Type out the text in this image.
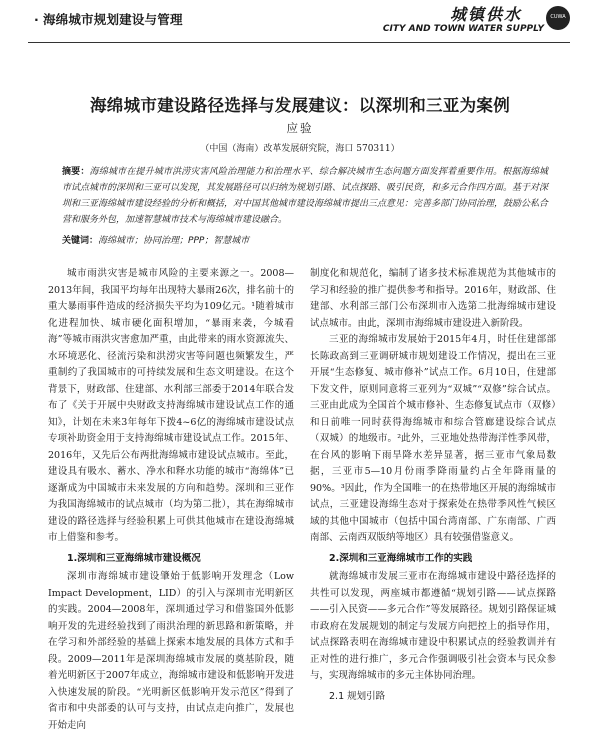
· 海绵城市规划建设与管理	城镇供水
CITY AND TOWN WATER SUPPLY
CUWA
海绵城市建设路径选择与发展建议：以深圳和三亚为案例
应验
（中国（海南）改革发展研究院，海口 570311）
摘要：海绵城市在提升城市洪涝灾害风险治理能力和治理水平、综合解决城市生态问题方面发挥着重要作用。根据海绵城市试点城市的深圳和三亚可以发现，其发展路径可以归纳为规划引路、试点探路、吸引民资，和多元合作四方面。基于对深圳和三亚海绵城市建设经验的分析和概括，对中国其他城市建设海绵城市提出三点意见：完善多部门协同治理，鼓励公私合营和服务外包，加速智慧城市技术与海绵城市建设融合。
关键词：海绵城市；协同治理；PPP；智慧城市

城市雨洪灾害是城市风险的主要来源之一。2008—2013年间，我国平均每年出现特大暴雨26次，排名前十的重大暴雨事件造成的经济损失平均为109亿元。¹随着城市化进程加快、城市硬化面积增加，“暴雨来袭，今城看海”等城市雨洪灾害愈加严重，由此带来的雨水资源流失、水环境恶化、径流污染和洪涝灾害等问题也频繁发生，严重制约了我国城市的可持续发展和生态文明建设。在这个背景下，财政部、住建部、水利部三部委于2014年联合发布了《关于开展中央财政支持海绵城市建设试点工作的通知》，计划在未来3年每年下拨4~6亿的海绵城市建设试点专项补助资金用于支持海绵城市建设试点工作。2015年、2016年，又先后公布两批海绵城市建设试点城市。至此，建设具有吸水、蓄水、净水和释水功能的城市“海绵体”已逐渐成为中国城市未来发展的方向和趋势。深圳和三亚作为我国海绵城市的试点城市（均为第二批），其在海绵城市建设的路径选择与经验积累上可供其他城市在建设海绵城市上借鉴和参考。

1.深圳和三亚海绵城市建设概况

深圳市海绵城市建设肇始于低影响开发理念（Low Impact Development，LID）的引入与深圳市光明新区的实践。2004—2008年，深圳通过学习和借鉴国外低影响开发的先进经验找到了雨洪治理的新思路和新策略，并在学习和外部经验的基础上探索本地发展的具体方式和手段。2009—2011年是深圳海绵城市发展的奠基阶段，随着光明新区于2007年成立，海绵城市建设和低影响开发进入快速发展的阶段。“光明新区低影响开发示范区”得到了省市和中央部委的认可与支持，由试点走向推广，发展也开始走向

制度化和规范化，编制了诸多技术标准规范为其他城市的学习和经验的推广提供参考和指导。2016年，财政部、住建部、水利部三部门公布深圳市入选第二批海绵城市建设试点城市。由此，深圳市海绵城市建设进入新阶段。

三亚的海绵城市发展始于2015年4月，时任住建部部长陈政高到三亚调研城市规划建设工作情况，提出在三亚开展“生态修复、城市修补”试点工作。6月10日，住建部下发文件，原则同意将三亚列为“双城”“双修”综合试点。三亚由此成为全国首个城市修补、生态修复试点市（双修）和日前唯一同时获得海绵城市和综合管廊建设综合试点（双城）的地级市。²此外，三亚地处热带海洋性季风带，在台风的影响下雨旱降水差异显著，据三亚市气象局数据，三亚市5—10月份雨季降雨量约占全年降雨量的90%。³因此，作为全国唯一的在热带地区开展的海绵城市试点，三亚建设海绵生态对于探索处在热带季风性气候区域的其他中国城市（包括中国台湾南部、广东南部、广西南部、云南西双版纳等地区）具有较强借鉴意义。

2.深圳和三亚海绵城市工作的实践

就海绵城市发展三亚市在海绵城市建设中路径选择的共性可以发现，两座城市都遵循“规划引路——试点探路——引入民资——多元合作”等发展路径。规划引路保证城市政府在发展规划的制定与发展方向把控上的指导作用，试点探路表明在海绵城市建设中积累试点的经验教训并有正对性的进行推广，多元合作强调吸引社会资本与民众参与，实现海绵城市的多元主体协同治理。

2.1 规划引路
